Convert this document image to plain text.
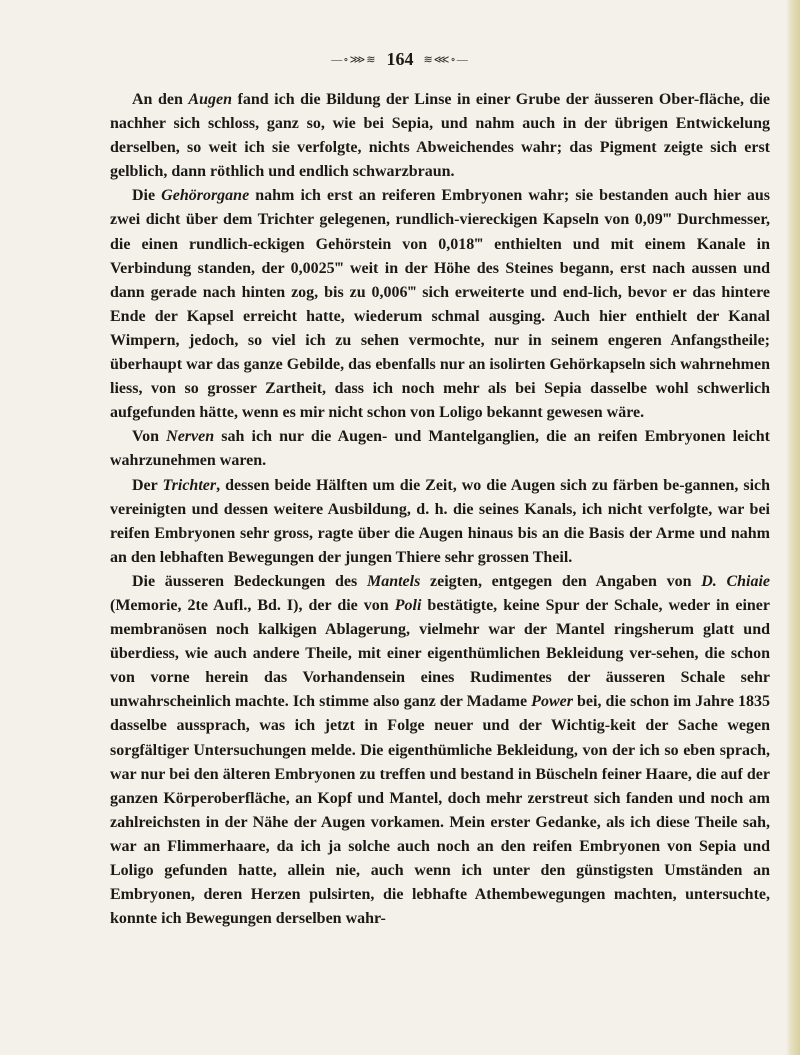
—∘⋙≋ 164 ≋⋘∘—

An den Augen fand ich die Bildung der Linse in einer Grube der äusseren Ober-fläche, die nachher sich schloss, ganz so, wie bei Sepia, und nahm auch in der übrigen Entwickelung derselben, so weit ich sie verfolgte, nichts Abweichendes wahr; das Pigment zeigte sich erst gelblich, dann röthlich und endlich schwarzbraun.

Die Gehörorgane nahm ich erst an reiferen Embryonen wahr; sie bestanden auch hier aus zwei dicht über dem Trichter gelegenen, rundlich-viereckigen Kapseln von 0,09‴ Durchmesser, die einen rundlich-eckigen Gehörstein von 0,018‴ enthielten und mit einem Kanale in Verbindung standen, der 0,0025‴ weit in der Höhe des Steines begann, erst nach aussen und dann gerade nach hinten zog, bis zu 0,006‴ sich erweiterte und end-lich, bevor er das hintere Ende der Kapsel erreicht hatte, wiederum schmal ausging. Auch hier enthielt der Kanal Wimpern, jedoch, so viel ich zu sehen vermochte, nur in seinem engeren Anfangstheile; überhaupt war das ganze Gebilde, das ebenfalls nur an isolirten Gehörkapseln sich wahrnehmen liess, von so grosser Zartheit, dass ich noch mehr als bei Sepia dasselbe wohl schwerlich aufgefunden hätte, wenn es mir nicht schon von Loligo bekannt gewesen wäre.

Von Nerven sah ich nur die Augen- und Mantelganglien, die an reifen Embryonen leicht wahrzunehmen waren.

Der Trichter, dessen beide Hälften um die Zeit, wo die Augen sich zu färben be-gannen, sich vereinigten und dessen weitere Ausbildung, d. h. die seines Kanals, ich nicht verfolgte, war bei reifen Embryonen sehr gross, ragte über die Augen hinaus bis an die Basis der Arme und nahm an den lebhaften Bewegungen der jungen Thiere sehr grossen Theil.

Die äusseren Bedeckungen des Mantels zeigten, entgegen den Angaben von D. Chiaie (Memorie, 2te Aufl., Bd. I), der die von Poli bestätigte, keine Spur der Schale, weder in einer membranösen noch kalkigen Ablagerung, vielmehr war der Mantel ringsherum glatt und überdiess, wie auch andere Theile, mit einer eigenthümlichen Bekleidung ver-sehen, die schon von vorne herein das Vorhandensein eines Rudimentes der äusseren Schale sehr unwahrscheinlich machte. Ich stimme also ganz der Madame Power bei, die schon im Jahre 1835 dasselbe aussprach, was ich jetzt in Folge neuer und der Wichtig-keit der Sache wegen sorgfältiger Untersuchungen melde. Die eigenthümliche Bekleidung, von der ich so eben sprach, war nur bei den älteren Embryonen zu treffen und bestand in Büscheln feiner Haare, die auf der ganzen Körperoberfläche, an Kopf und Mantel, doch mehr zerstreut sich fanden und noch am zahlreichsten in der Nähe der Augen vorkamen. Mein erster Gedanke, als ich diese Theile sah, war an Flimmerhaare, da ich ja solche auch noch an den reifen Embryonen von Sepia und Loligo gefunden hatte, allein nie, auch wenn ich unter den günstigsten Umständen an Embryonen, deren Herzen pulsirten, die lebhafte Athembewegungen machten, untersuchte, konnte ich Bewegungen derselben wahr-
